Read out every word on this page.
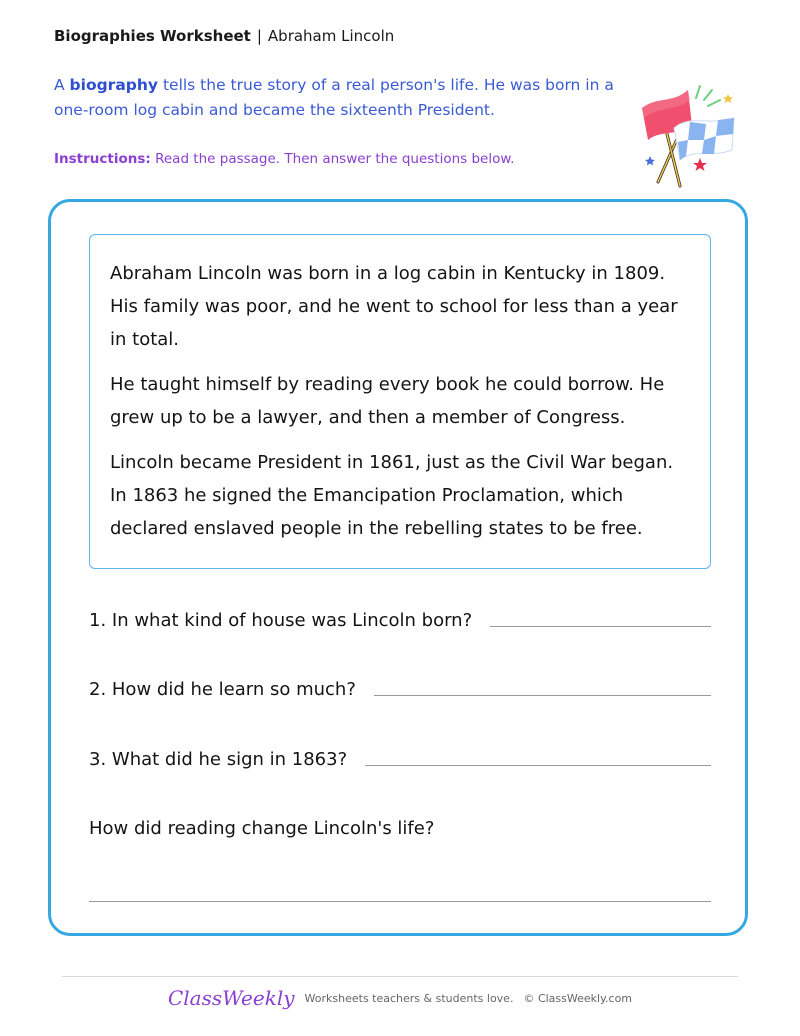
Biographies Worksheet | Abraham Lincoln
A biography tells the true story of a real person's life. He was born in a one-room log cabin and became the sixteenth President.
Instructions: Read the passage. Then answer the questions below.

Abraham Lincoln was born in a log cabin in Kentucky in 1809. His family was poor, and he went to school for less than a year in total.

He taught himself by reading every book he could borrow. He grew up to be a lawyer, and then a member of Congress.

Lincoln became President in 1861, just as the Civil War began. In 1863 he signed the Emancipation Proclamation, which declared enslaved people in the rebelling states to be free.

1. In what kind of house was Lincoln born?
2. How did he learn so much?
3. What did he sign in 1863?
How did reading change Lincoln's life?
ClassWeekly Worksheets teachers & students love. © ClassWeekly.com
